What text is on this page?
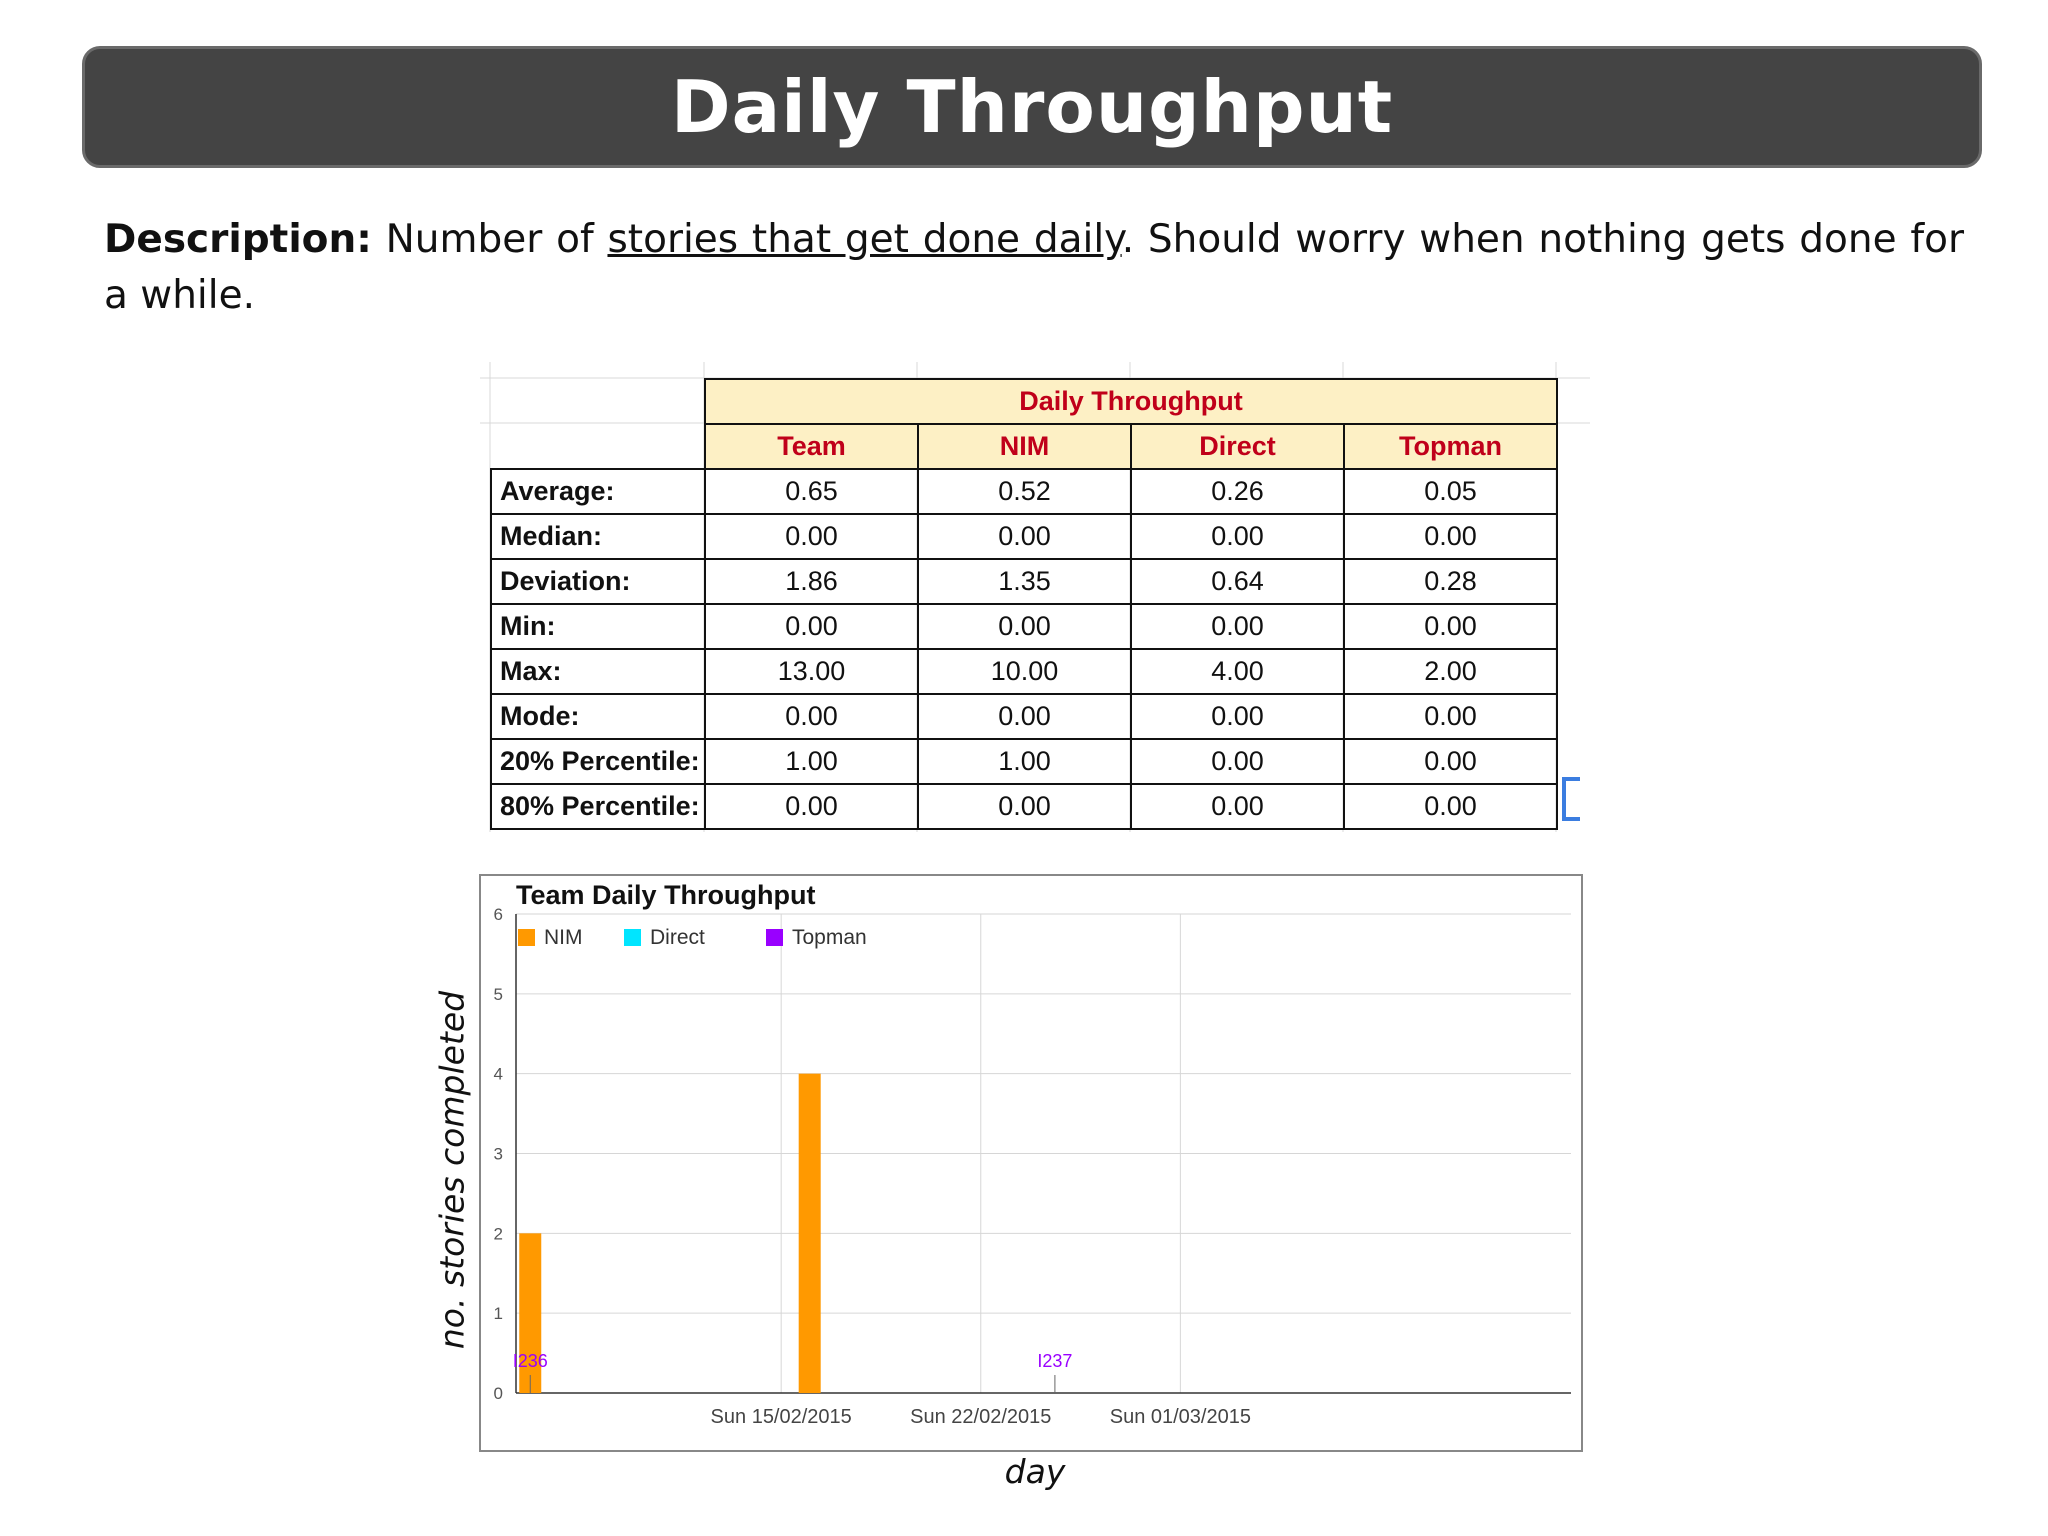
Daily Throughput
Description: Number of stories that get done daily. Should worry when nothing gets done for a while.
	Daily Throughput			
	Team	NIM	Direct	Topman
Average:	0.65	0.52	0.26	0.05
Median:	0.00	0.00	0.00	0.00
Deviation:	1.86	1.35	0.64	0.28
Min:	0.00	0.00	0.00	0.00
Max:	13.00	10.00	4.00	2.00
Mode:	0.00	0.00	0.00	0.00
20% Percentile:	1.00	1.00	0.00	0.00
80% Percentile:	0.00	0.00	0.00	0.00
0
1
2
3
4
5
6
Sun 15/02/2015	Sun 22/02/2015	Sun 01/03/2015
I236	I237
Team Daily Throughput
NIM	Direct	Topman
no. stories completed
day
